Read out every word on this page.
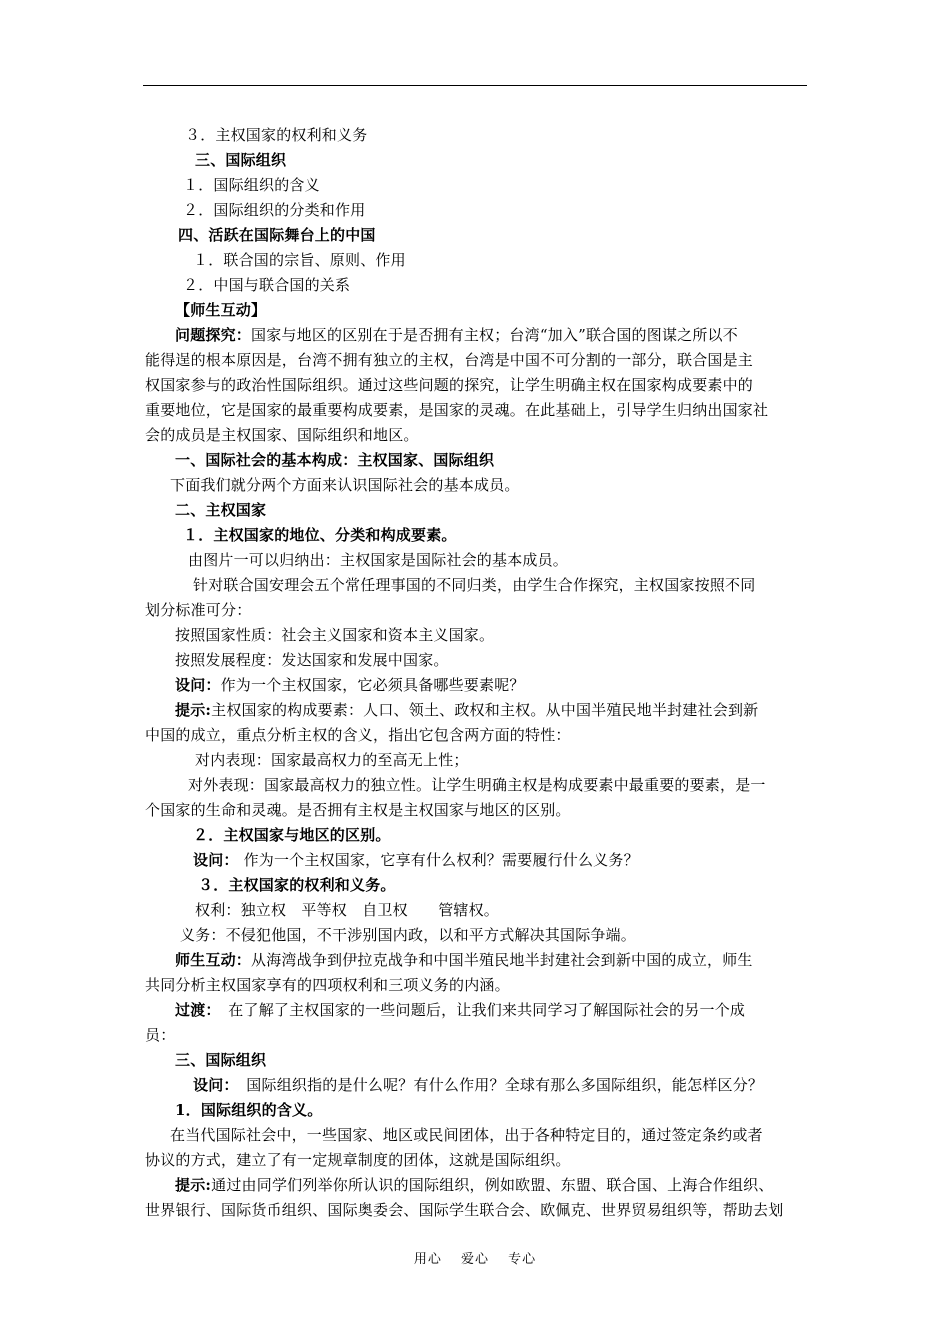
３．主权国家的权利和义务
三、国际组织
１．国际组织的含义
２．国际组织的分类和作用
四、活跃在国际舞台上的中国
１．联合国的宗旨、原则、作用
２．中国与联合国的关系
【师生互动】
问题探究：国家与地区的区别在于是否拥有主权；台湾“加入”联合国的图谋之所以不
能得逞的根本原因是，台湾不拥有独立的主权，台湾是中国不可分割的一部分，联合国是主
权国家参与的政治性国际组织。通过这些问题的探究，让学生明确主权在国家构成要素中的
重要地位，它是国家的最重要构成要素，是国家的灵魂。在此基础上，引导学生归纳出国家社
会的成员是主权国家、国际组织和地区。
一、国际社会的基本构成：主权国家、国际组织
下面我们就分两个方面来认识国际社会的基本成员。
二、主权国家
１．主权国家的地位、分类和构成要素。
由图片一可以归纳出：主权国家是国际社会的基本成员。
针对联合国安理会五个常任理事国的不同归类，由学生合作探究，主权国家按照不同
划分标准可分：
按照国家性质：社会主义国家和资本主义国家。
按照发展程度：发达国家和发展中国家。
设问：作为一个主权国家，它必须具备哪些要素呢？
提示:主权国家的构成要素：人口、领土、政权和主权。从中国半殖民地半封建社会到新
中国的成立，重点分析主权的含义，指出它包含两方面的特性：
对内表现：国家最高权力的至高无上性；
对外表现：国家最高权力的独立性。让学生明确主权是构成要素中最重要的要素，是一
个国家的生命和灵魂。是否拥有主权是主权国家与地区的区别。
２．主权国家与地区的区别。
设问： 作为一个主权国家，它享有什么权利？需要履行什么义务？
３．主权国家的权利和义务。
权利：独立权　平等权　自卫权　　管辖权。
义务：不侵犯他国，不干涉别国内政，以和平方式解决其国际争端。
师生互动：从海湾战争到伊拉克战争和中国半殖民地半封建社会到新中国的成立，师生
共同分析主权国家享有的四项权利和三项义务的内涵。
过渡：　在了解了主权国家的一些问题后，让我们来共同学习了解国际社会的另一个成
员：
三、国际组织
设问：　国际组织指的是什么呢？有什么作用？全球有那么多国际组织，能怎样区分？
1．国际组织的含义。
在当代国际社会中，一些国家、地区或民间团体，出于各种特定目的，通过签定条约或者
协议的方式，建立了有一定规章制度的团体，这就是国际组织。
提示:通过由同学们列举你所认识的国际组织，例如欧盟、东盟、联合国、上海合作组织、
世界银行、国际货币组织、国际奥委会、国际学生联合会、欧佩克、世界贸易组织等，帮助去划
用心 爱心 专心
